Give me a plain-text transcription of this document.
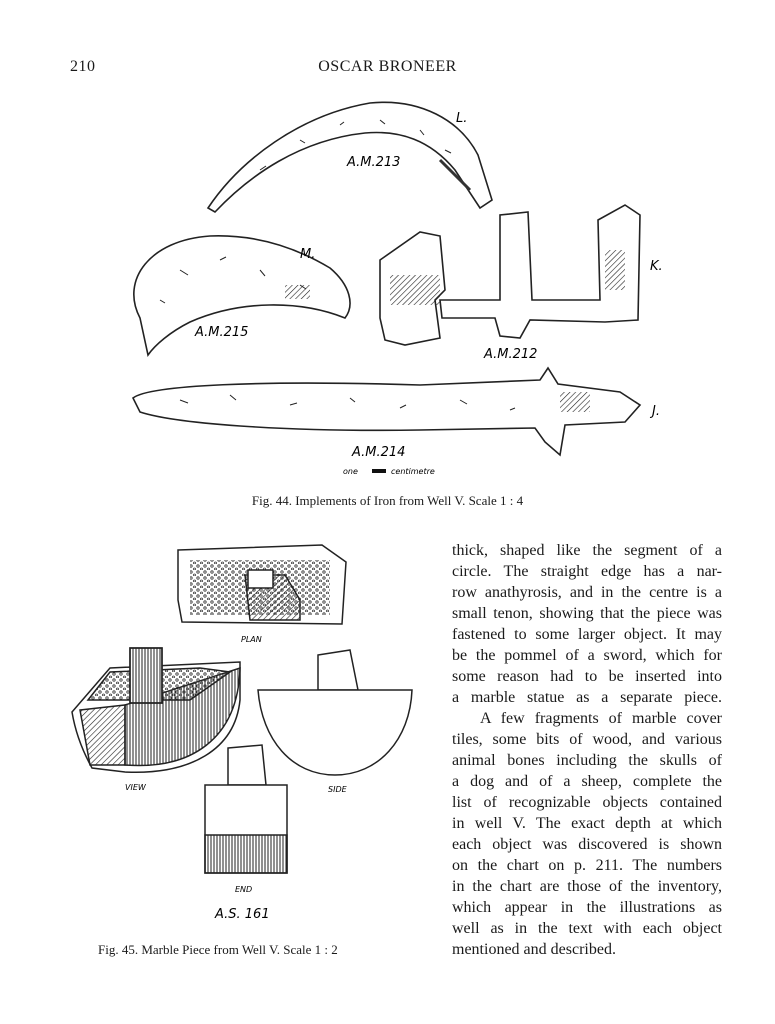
210	OSCAR BRONEER
L.
A.M.213
M.
A.M.215
K.
A.M.212
J.
A.M.214
one	centimetre
PLAN
VIEW	SIDE
END
A.S. 161
Fig. 44. Implements of Iron from Well V. Scale 1 : 4
Fig. 45. Marble Piece from Well V. Scale 1 : 2
thick, shaped like the segment of a
circle. The straight edge has a nar-
row anathyrosis, and in the centre is a
small tenon, showing that the piece was
fastened to some larger object. It may
be the pommel of a sword, which for
some reason had to be inserted into
a marble statue as a separate piece.
A few fragments of marble cover
tiles, some bits of wood, and various
animal bones including the skulls of
a dog and of a sheep, complete the
list of recognizable objects contained
in well V. The exact depth at which
each object was discovered is shown
on the chart on p. 211. The numbers
in the chart are those of the inventory,
which appear in the illustrations as
well as in the text with each object
mentioned and described.
